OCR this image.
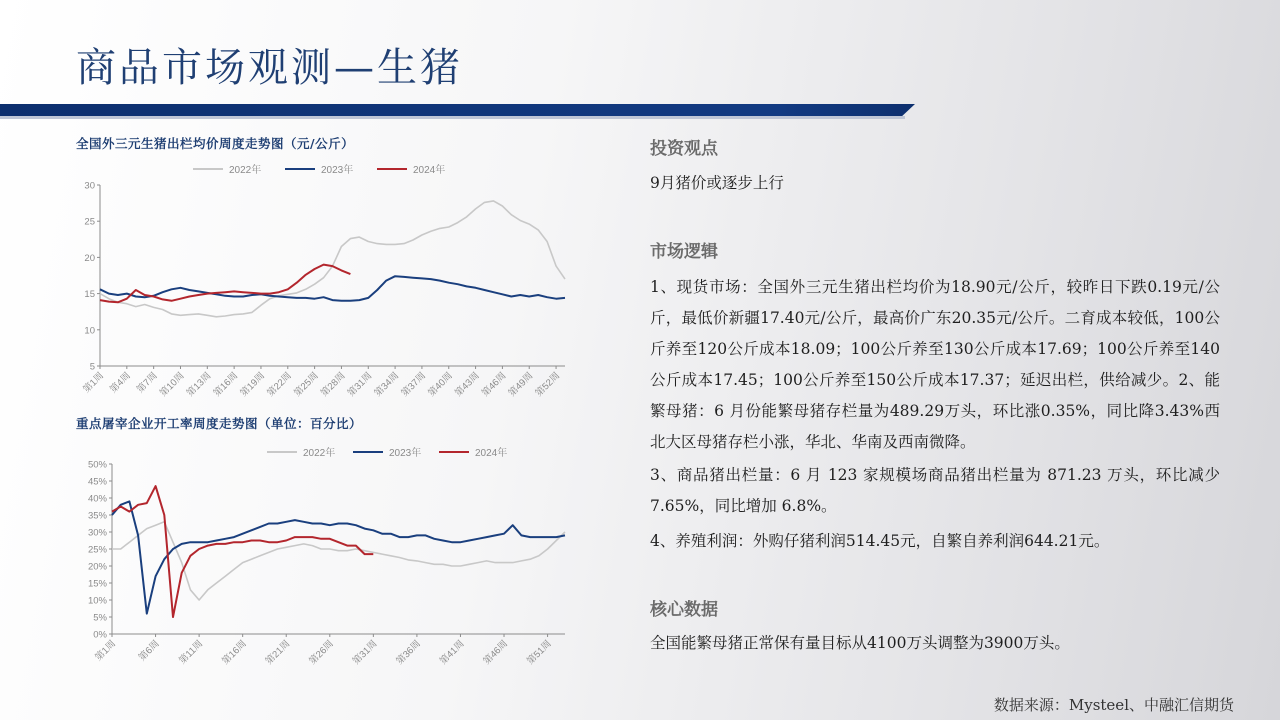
商品市场观测—生猪
全国外三元生猪出栏均价周度走势图（元/公斤）
2022年	2023年	2024年
5
10
15
20
25
30
第1周 第4周 第7周
第10周
第13周
第16周
第19周
第22周
第25周
第28周
第31周
第34周
第37周
第40周
第43周
第46周
第49周
第52周
重点屠宰企业开工率周度走势图（单位：百分比）
2022年	2023年	2024年
0%
5%
10%
15%
20%
25%
30%
35%
40%
45%
50%
第1周 第6周 第11周 第16周 第21周 第26周 第31周 第36周 第41周 第46周 第51周
投资观点
9月猪价或逐步上行
市场逻辑
1、现货市场：全国外三元生猪出栏均价为18.90元/公斤，较昨日下跌0.19元/公斤，最低价新疆17.40元/公斤，最高价广东20.35元/公斤。二育成本较低，100公斤养至120公斤成本18.09；100公斤养至130公斤成本17.69；100公斤养至140公斤成本17.45；100公斤养至150公斤成本17.37；延迟出栏，供给减少。2、能繁母猪：6 月份能繁母猪存栏量为489.29万头，环比涨0.35%，同比降3.43%西北大区母猪存栏小涨，华北、华南及西南微降。
3、商品猪出栏量：6 月 123 家规模场商品猪出栏量为 871.23 万头，环比减少 7.65%，同比增加 6.8%。
4、养殖利润：外购仔猪利润514.45元，自繁自养利润644.21元。
核心数据
全国能繁母猪正常保有量目标从4100万头调整为3900万头。
数据来源：Mysteel、中融汇信期货
